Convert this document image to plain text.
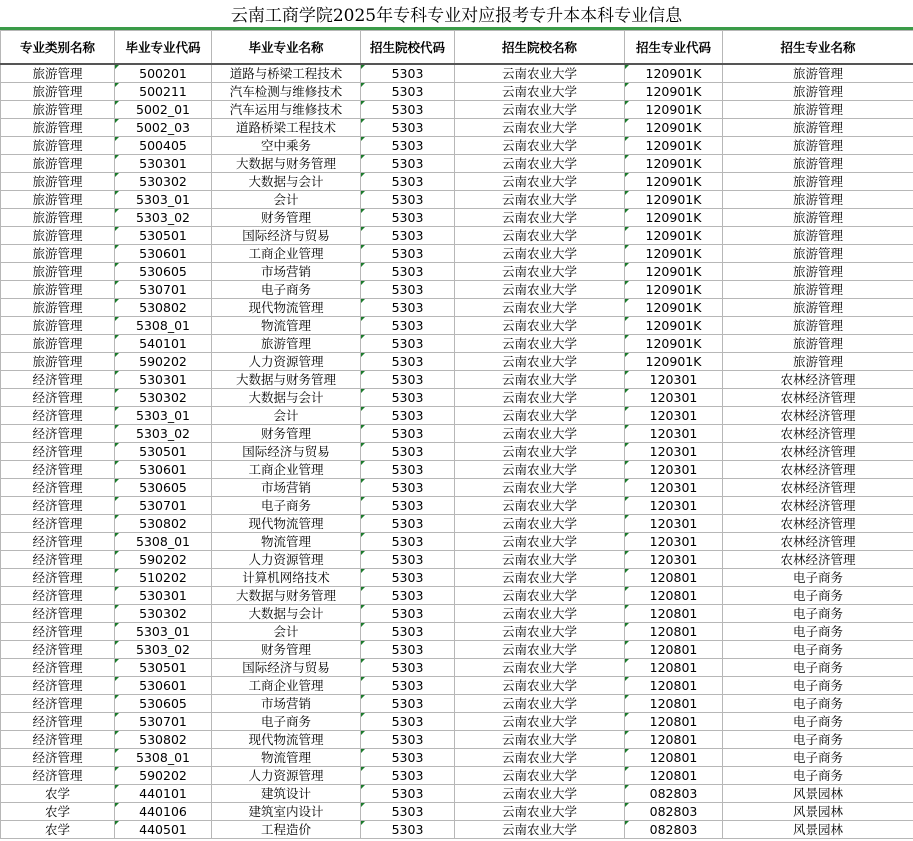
云南工商学院2025年专科专业对应报考专升本本科专业信息
专业类别名称	毕业专业代码	毕业专业名称	招生院校代码	招生院校名称	招生专业代码	招生专业名称
旅游管理	500201	道路与桥梁工程技术	5303	云南农业大学	120901K	旅游管理
旅游管理	500211	汽车检测与维修技术	5303	云南农业大学	120901K	旅游管理
旅游管理	5002_01	汽车运用与维修技术	5303	云南农业大学	120901K	旅游管理
旅游管理	5002_03	道路桥梁工程技术	5303	云南农业大学	120901K	旅游管理
旅游管理	500405	空中乘务	5303	云南农业大学	120901K	旅游管理
旅游管理	530301	大数据与财务管理	5303	云南农业大学	120901K	旅游管理
旅游管理	530302	大数据与会计	5303	云南农业大学	120901K	旅游管理
旅游管理	5303_01	会计	5303	云南农业大学	120901K	旅游管理
旅游管理	5303_02	财务管理	5303	云南农业大学	120901K	旅游管理
旅游管理	530501	国际经济与贸易	5303	云南农业大学	120901K	旅游管理
旅游管理	530601	工商企业管理	5303	云南农业大学	120901K	旅游管理
旅游管理	530605	市场营销	5303	云南农业大学	120901K	旅游管理
旅游管理	530701	电子商务	5303	云南农业大学	120901K	旅游管理
旅游管理	530802	现代物流管理	5303	云南农业大学	120901K	旅游管理
旅游管理	5308_01	物流管理	5303	云南农业大学	120901K	旅游管理
旅游管理	540101	旅游管理	5303	云南农业大学	120901K	旅游管理
旅游管理	590202	人力资源管理	5303	云南农业大学	120901K	旅游管理
经济管理	530301	大数据与财务管理	5303	云南农业大学	120301	农林经济管理
经济管理	530302	大数据与会计	5303	云南农业大学	120301	农林经济管理
经济管理	5303_01	会计	5303	云南农业大学	120301	农林经济管理
经济管理	5303_02	财务管理	5303	云南农业大学	120301	农林经济管理
经济管理	530501	国际经济与贸易	5303	云南农业大学	120301	农林经济管理
经济管理	530601	工商企业管理	5303	云南农业大学	120301	农林经济管理
经济管理	530605	市场营销	5303	云南农业大学	120301	农林经济管理
经济管理	530701	电子商务	5303	云南农业大学	120301	农林经济管理
经济管理	530802	现代物流管理	5303	云南农业大学	120301	农林经济管理
经济管理	5308_01	物流管理	5303	云南农业大学	120301	农林经济管理
经济管理	590202	人力资源管理	5303	云南农业大学	120301	农林经济管理
经济管理	510202	计算机网络技术	5303	云南农业大学	120801	电子商务
经济管理	530301	大数据与财务管理	5303	云南农业大学	120801	电子商务
经济管理	530302	大数据与会计	5303	云南农业大学	120801	电子商务
经济管理	5303_01	会计	5303	云南农业大学	120801	电子商务
经济管理	5303_02	财务管理	5303	云南农业大学	120801	电子商务
经济管理	530501	国际经济与贸易	5303	云南农业大学	120801	电子商务
经济管理	530601	工商企业管理	5303	云南农业大学	120801	电子商务
经济管理	530605	市场营销	5303	云南农业大学	120801	电子商务
经济管理	530701	电子商务	5303	云南农业大学	120801	电子商务
经济管理	530802	现代物流管理	5303	云南农业大学	120801	电子商务
经济管理	5308_01	物流管理	5303	云南农业大学	120801	电子商务
经济管理	590202	人力资源管理	5303	云南农业大学	120801	电子商务
农学	440101	建筑设计	5303	云南农业大学	082803	风景园林
农学	440106	建筑室内设计	5303	云南农业大学	082803	风景园林
农学	440501	工程造价	5303	云南农业大学	082803	风景园林
